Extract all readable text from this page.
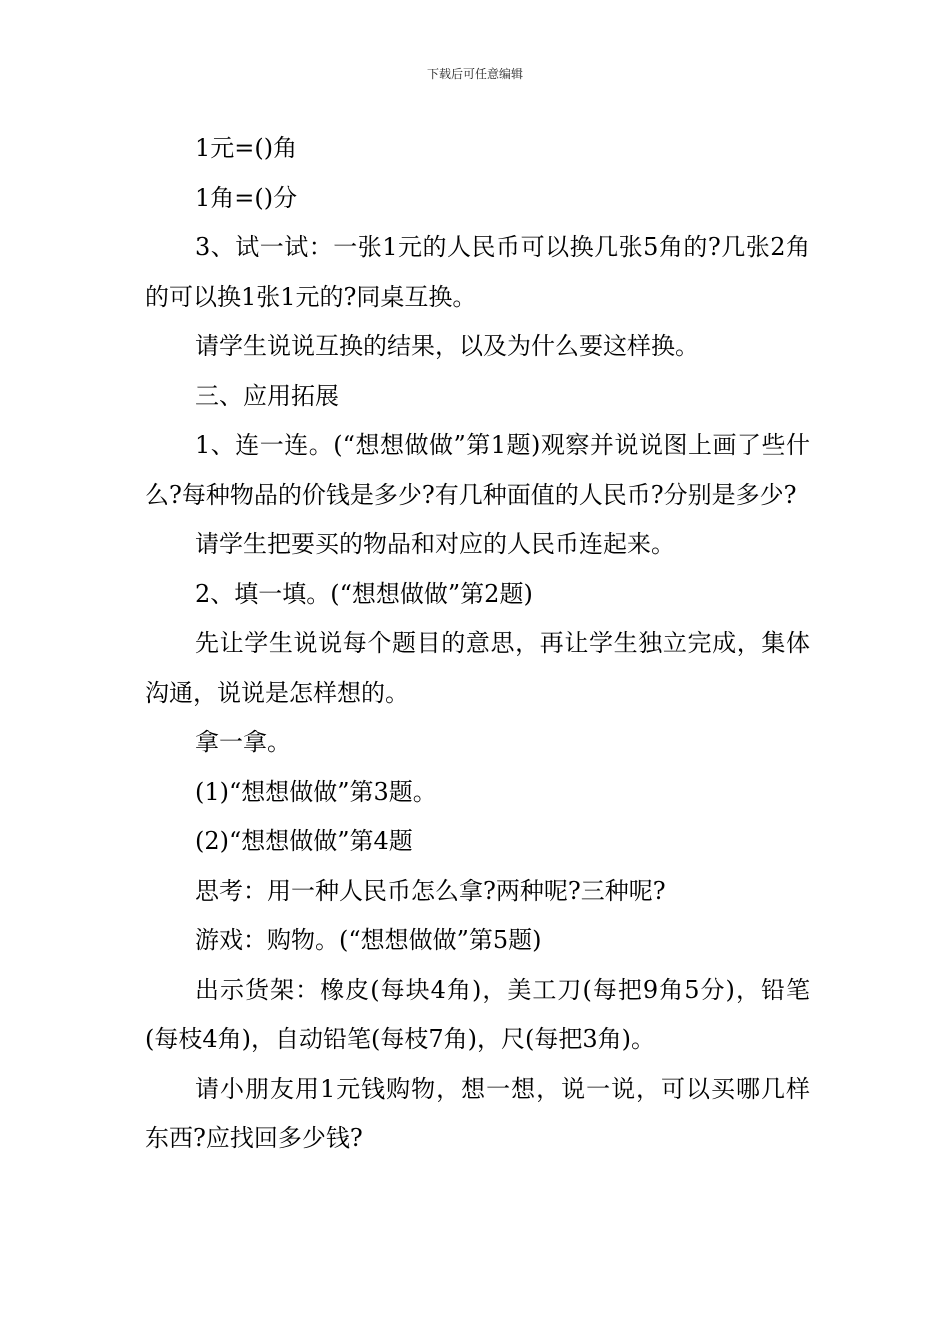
下载后可任意编辑

1元=()角

1角=()分

3、试一试：一张1元的人民币可以换几张5角的?几张2角的可以换1张1元的?同桌互换。

请学生说说互换的结果，以及为什么要这样换。

三、应用拓展

1、连一连。(“想想做做”第1题)观察并说说图上画了些什么?每种物品的价钱是多少?有几种面值的人民币?分别是多少?

请学生把要买的物品和对应的人民币连起来。

2、填一填。(“想想做做”第2题)

先让学生说说每个题目的意思，再让学生独立完成，集体沟通，说说是怎样想的。

拿一拿。

(1)“想想做做”第3题。

(2)“想想做做”第4题

思考：用一种人民币怎么拿?两种呢?三种呢?

游戏：购物。(“想想做做”第5题)

出示货架：橡皮(每块4角)，美工刀(每把9角5分)，铅笔(每枝4角)，自动铅笔(每枝7角)，尺(每把3角)。

请小朋友用1元钱购物，想一想，说一说，可以买哪几样东西?应找回多少钱?
